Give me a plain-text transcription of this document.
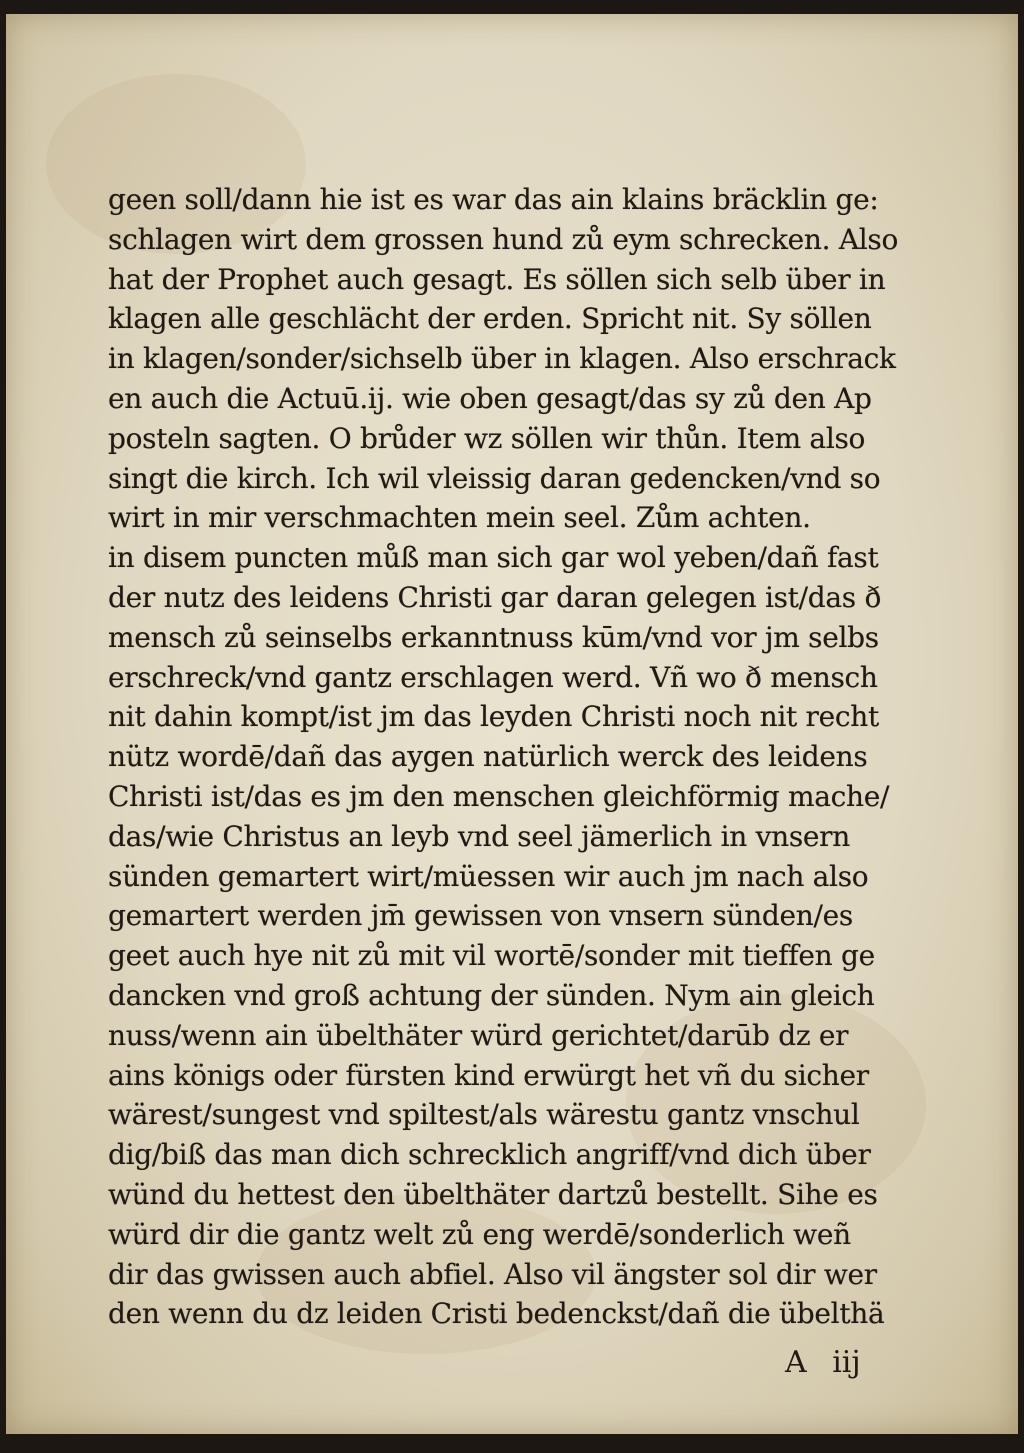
geen soll/dann hie ist es war das ain klains bräcklin ge:
schlagen wirt dem grossen hund zů eym schrecken. Also
hat der Prophet auch gesagt. Es söllen sich selb über in
klagen alle geschlächt der erden. Spricht nit. Sy söllen
in klagen/sonder/sichselb über in klagen. Also erschrack
en auch die Actuū.ij. wie oben gesagt/das sy zů den Ap
posteln sagten. O brůder wz söllen wir thůn. Item also
singt die kirch. Ich wil vleissig daran gedencken/vnd so
wirt in mir verschmachten mein seel. Zům achten.
in disem puncten můß man sich gar wol yeben/dañ fast
der nutz des leidens Christi gar daran gelegen ist/das ð
mensch zů seinselbs erkanntnuss kūm/vnd vor jm selbs
erschreck/vnd gantz erschlagen werd. Vñ wo ð mensch
nit dahin kompt/ist jm das leyden Christi noch nit recht
nütz wordē/dañ das aygen natürlich werck des leidens
Christi ist/das es jm den menschen gleichförmig mache/
das/wie Christus an leyb vnd seel jämerlich in vnsern
sünden gemartert wirt/müessen wir auch jm nach also
gemartert werden jm̄ gewissen von vnsern sünden/es
geet auch hye nit zů mit vil wortē/sonder mit tieffen ge
dancken vnd groß achtung der sünden. Nym ain gleich
nuss/wenn ain übelthäter würd gerichtet/darūb dz er
ains königs oder fürsten kind erwürgt het vñ du sicher
wärest/sungest vnd spiltest/als wärestu gantz vnschul
dig/biß das man dich schrecklich angriff/vnd dich über
wünd du hettest den übelthäter dartzů bestellt. Sihe es
würd dir die gantz welt zů eng werdē/sonderlich weñ
dir das gwissen auch abfiel. Also vil ängster sol dir wer
den wenn du dz leiden Cristi bedenckst/dañ die übelthä
A iij
